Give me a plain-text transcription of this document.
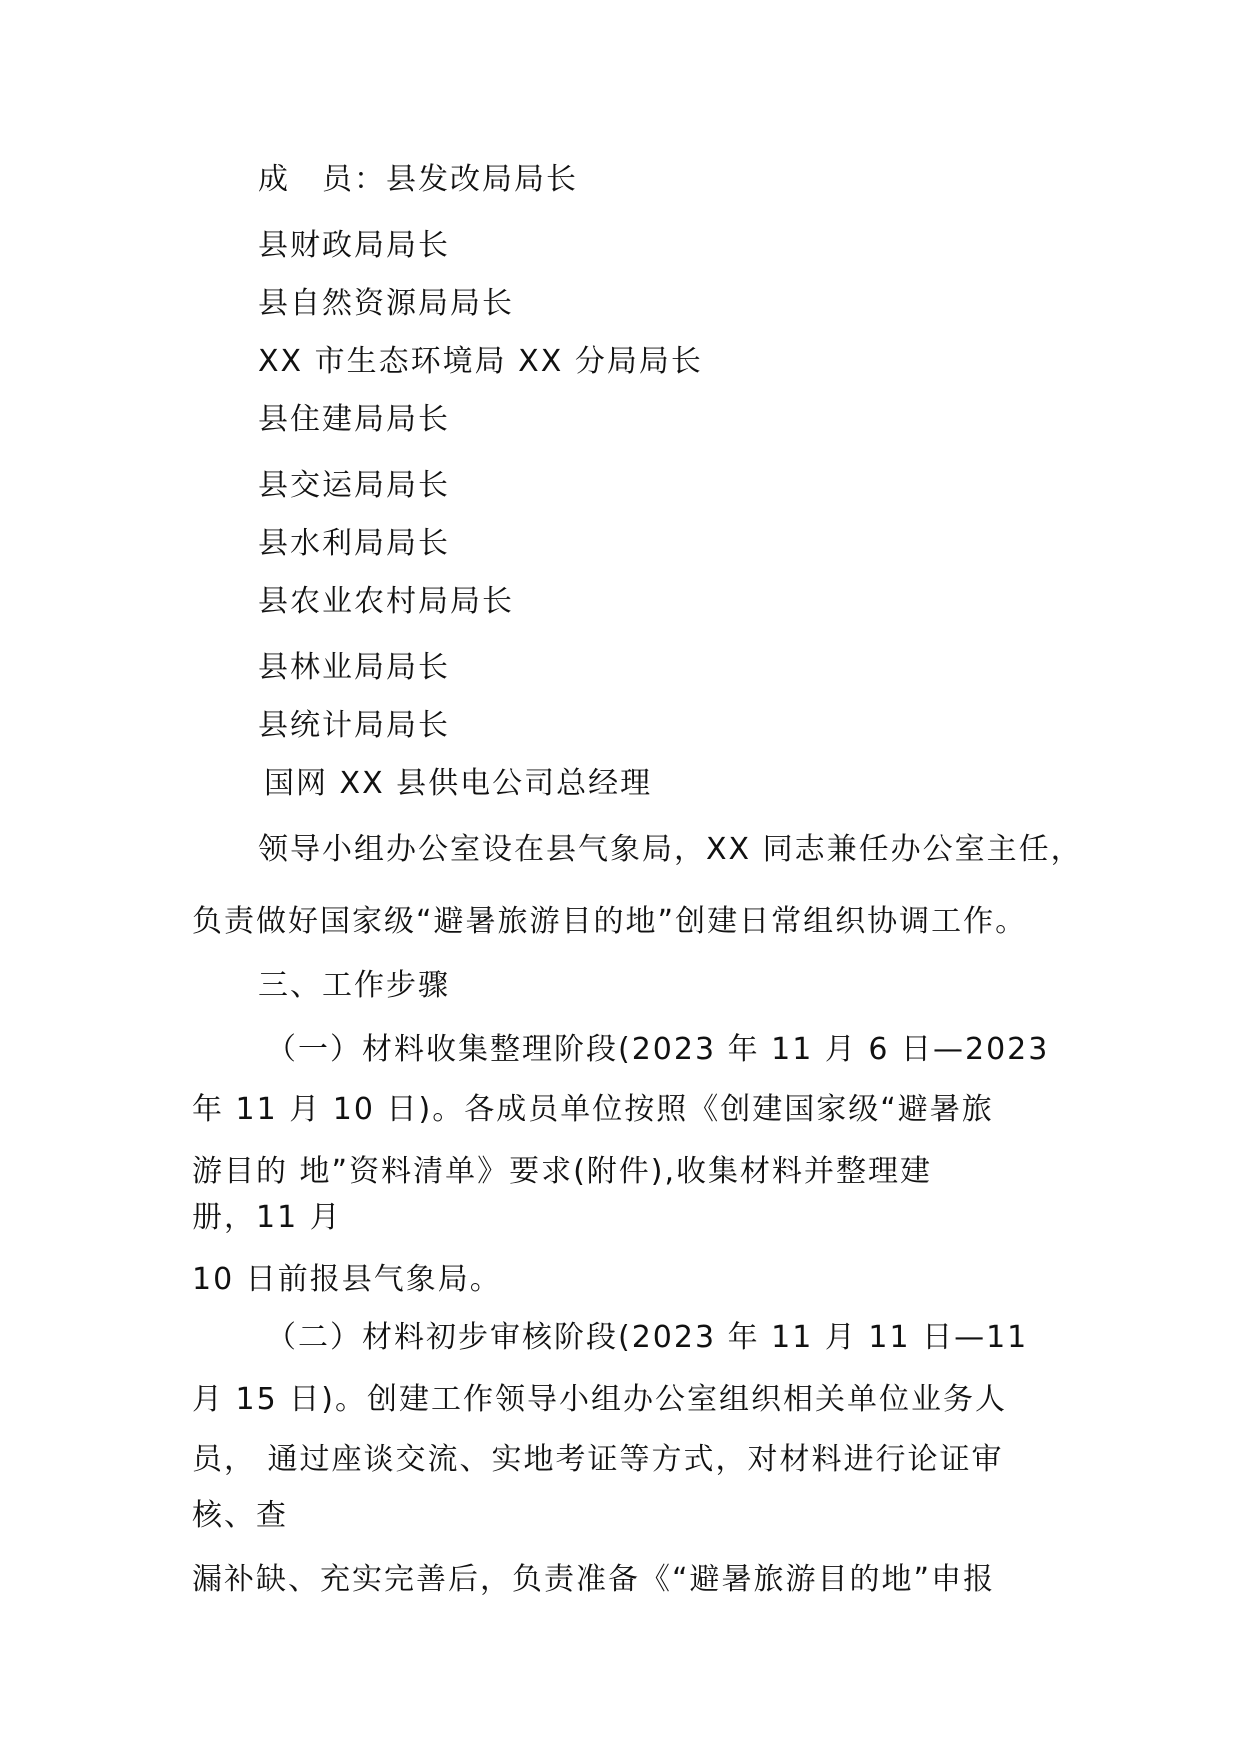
成　员：县发改局局长
县财政局局长
县自然资源局局长
XX 市生态环境局 XX 分局局长
县住建局局长
县交运局局长
县水利局局长
县农业农村局局长
县林业局局长
县统计局局长
国网 XX 县供电公司总经理
领导小组办公室设在县气象局，XX 同志兼任办公室主任，
负责做好国家级“避暑旅游目的地”创建日常组织协调工作。
三、工作步骤
（一）材料收集整理阶段(2023 年 11 月 6 日—2023
年 11 月 10 日)。各成员单位按照《创建国家级“避暑旅
游目的 地”资料清单》要求(附件),收集材料并整理建
册，11 月
10 日前报县气象局。
（二）材料初步审核阶段(2023 年 11 月 11 日—11
月 15 日)。创建工作领导小组办公室组织相关单位业务人
员， 通过座谈交流、实地考证等方式，对材料进行论证审
核、查
漏补缺、充实完善后，负责准备《“避暑旅游目的地”申报
